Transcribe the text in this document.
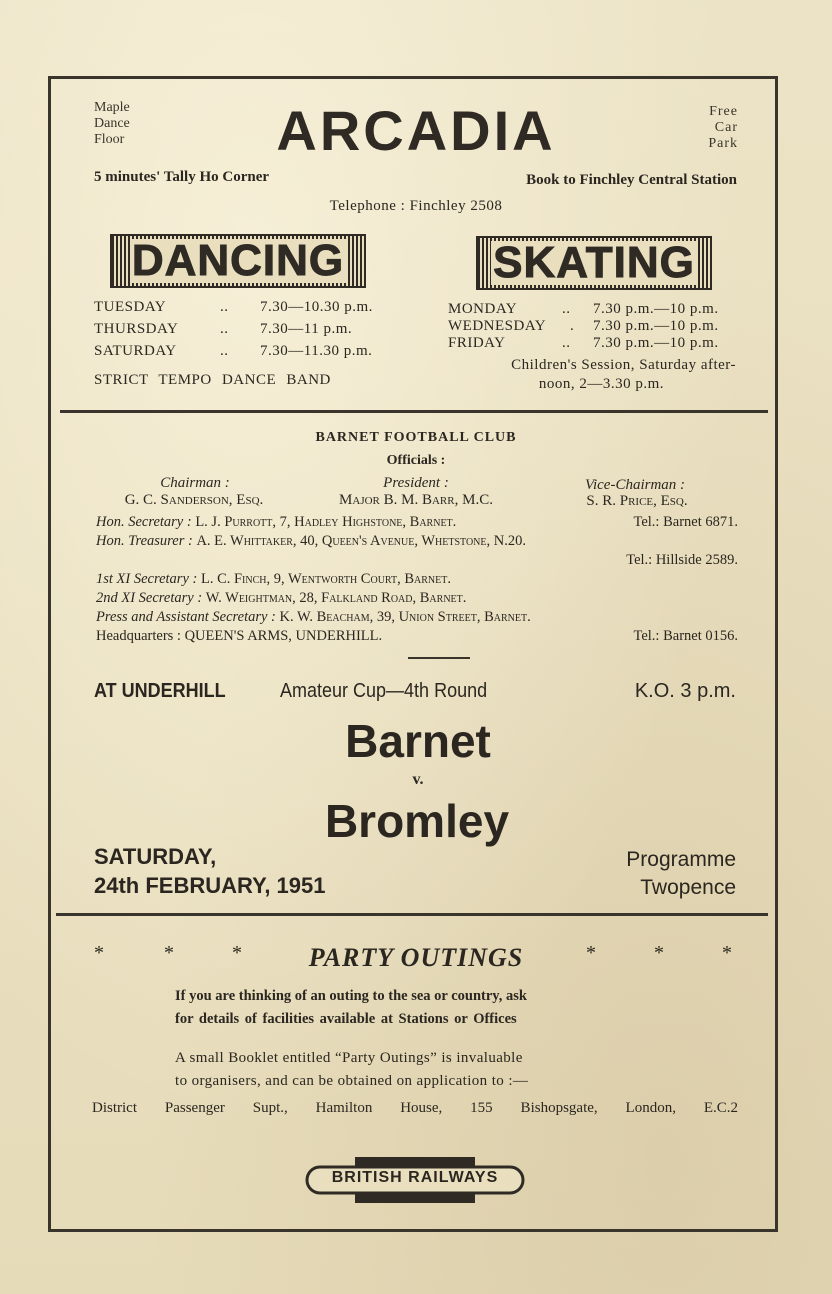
Maple
Dance
Floor	ARCADIA	Free
Car
Park
5 minutes' Tally Ho Corner	Book to Finchley Central Station
Telephone : Finchley 2508
DANCING
TUESDAY	.. 7.30—10.30 p.m.
THURSDAY	.. 7.30—11 p.m.
SATURDAY	.. 7.30—11.30 p.m.
STRICT TEMPO DANCE BAND
SKATING
MONDAY	.. 7.30 p.m.—10 p.m.
WEDNESDAY . 7.30 p.m.—10 p.m.
FRIDAY	.. 7.30 p.m.—10 p.m.
Children's Session, Saturday after-
noon, 2—3.30 p.m.
BARNET FOOTBALL CLUB
Officials :
Chairman :
G. C. Sanderson, Esq.
President :
Major B. M. Barr, M.C.
Vice-Chairman :
S. R. Price, Esq.
Hon. Secretary : L. J. Purrott, 7, Hadley Highstone, Barnet.	Tel.: Barnet 6871.
Hon. Treasurer : A. E. Whittaker, 40, Queen's Avenue, Whetstone, N.20.
Tel.: Hillside 2589.
1st XI Secretary : L. C. Finch, 9, Wentworth Court, Barnet.
2nd XI Secretary : W. Weightman, 28, Falkland Road, Barnet.
Press and Assistant Secretary : K. W. Beacham, 39, Union Street, Barnet.
Headquarters : QUEEN'S ARMS, UNDERHILL.	Tel.: Barnet 0156.
AT UNDERHILL	Amateur Cup—4th Round	K.O. 3 p.m.
Barnet
v.
Bromley
SATURDAY,
24th FEBRUARY, 1951
Programme
Twopence
*	*	*	*	*	*
PARTY OUTINGS
If you are thinking of an outing to the sea or country, ask
for details of facilities available at Stations or Offices
A small Booklet entitled “Party Outings” is invaluable
to organisers, and can be obtained on application to :—
District Passenger Supt., Hamilton House, 155 Bishopsgate, London, E.C.2
BRITISH RAILWAYS
